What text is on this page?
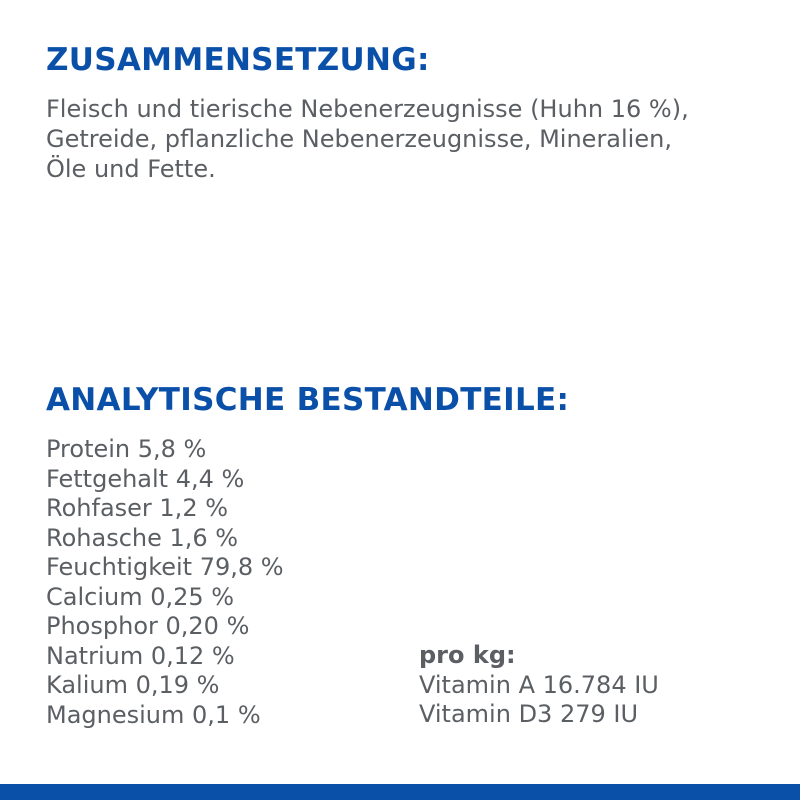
ZUSAMMENSETZUNG:

Fleisch und tierische Nebenerzeugnisse (Huhn 16 %),
Getreide, pflanzliche Nebenerzeugnisse, Mineralien,
Öle und Fette.

ANALYTISCHE BESTANDTEILE:
Protein 5,8 %
Fettgehalt 4,4 %
Rohfaser 1,2 %
Rohasche 1,6 %
Feuchtigkeit 79,8 %
Calcium 0,25 %
Phosphor 0,20 %
Natrium 0,12 %
Kalium 0,19 %
Magnesium 0,1 %
pro kg:
Vitamin A 16.784 IU
Vitamin D3 279 IU
